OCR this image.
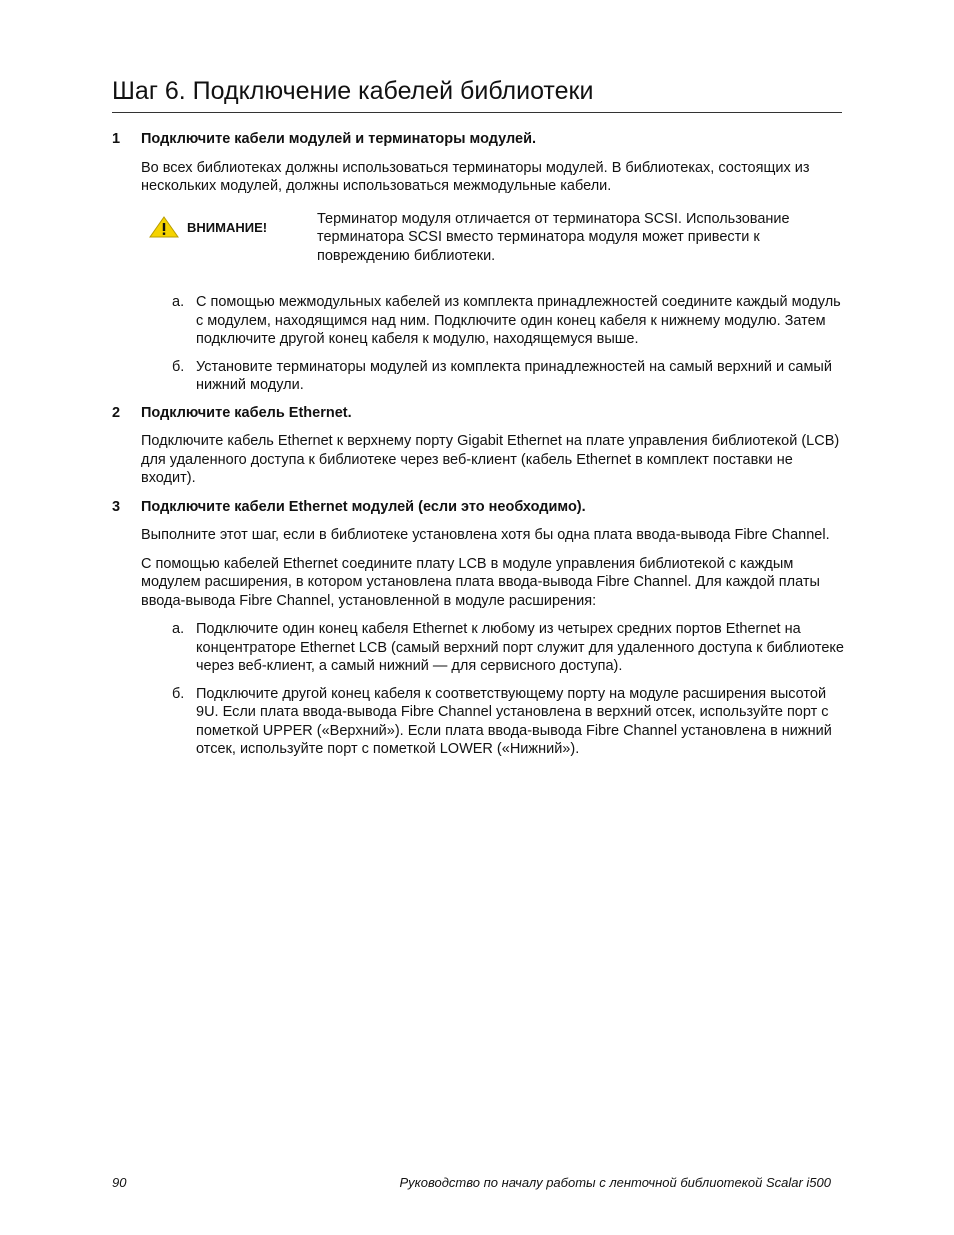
Шаг 6. Подключение кабелей библиотеки
1	Подключите кабели модулей и терминаторы модулей.

Во всех библиотеках должны использоваться терминаторы модулей. В библиотеках, состоящих из нескольких модулей, должны использоваться межмодульные кабели.

ВНИМАНИЕ!
Терминатор модуля отличается от терминатора SCSI. Использование терминатора SCSI вместо терминатора модуля может привести к повреждению библиотеки.
a. С помощью межмодульных кабелей из комплекта принадлежностей соедините каждый модуль с модулем, находящимся над ним. Подключите один конец кабеля к нижнему модулю. Затем подключите другой конец кабеля к модулю, находящемуся выше.
б. Установите терминаторы модулей из комплекта принадлежностей на самый верхний и самый нижний модули.
2	Подключите кабель Ethernet.

Подключите кабель Ethernet к верхнему порту Gigabit Ethernet на плате управления библиотекой (LCB) для удаленного доступа к библиотеке через веб-клиент (кабель Ethernet в комплект поставки не входит).

3	Подключите кабели Ethernet модулей (если это необходимо).

Выполните этот шаг, если в библиотеке установлена хотя бы одна плата ввода-вывода Fibre Channel.

С помощью кабелей Ethernet соедините плату LCB в модуле управления библиотекой с каждым модулем расширения, в котором установлена плата ввода-вывода Fibre Channel. Для каждой платы ввода-вывода Fibre Channel, установленной в модуле расширения:

a. Подключите один конец кабеля Ethernet к любому из четырех средних портов Ethernet на концентраторе Ethernet LCB (самый верхний порт служит для удаленного доступа к библиотеке через веб-клиент, а самый нижний — для сервисного доступа).
б. Подключите другой конец кабеля к соответствующему порту на модуле расширения высотой 9U. Если плата ввода-вывода Fibre Channel установлена в верхний отсек, используйте порт с пометкой UPPER («Верхний»). Если плата ввода-вывода Fibre Channel установлена в нижний отсек, используйте порт с пометкой LOWER («Нижний»).
90	Руководство по началу работы с ленточной библиотекой Scalar i500
